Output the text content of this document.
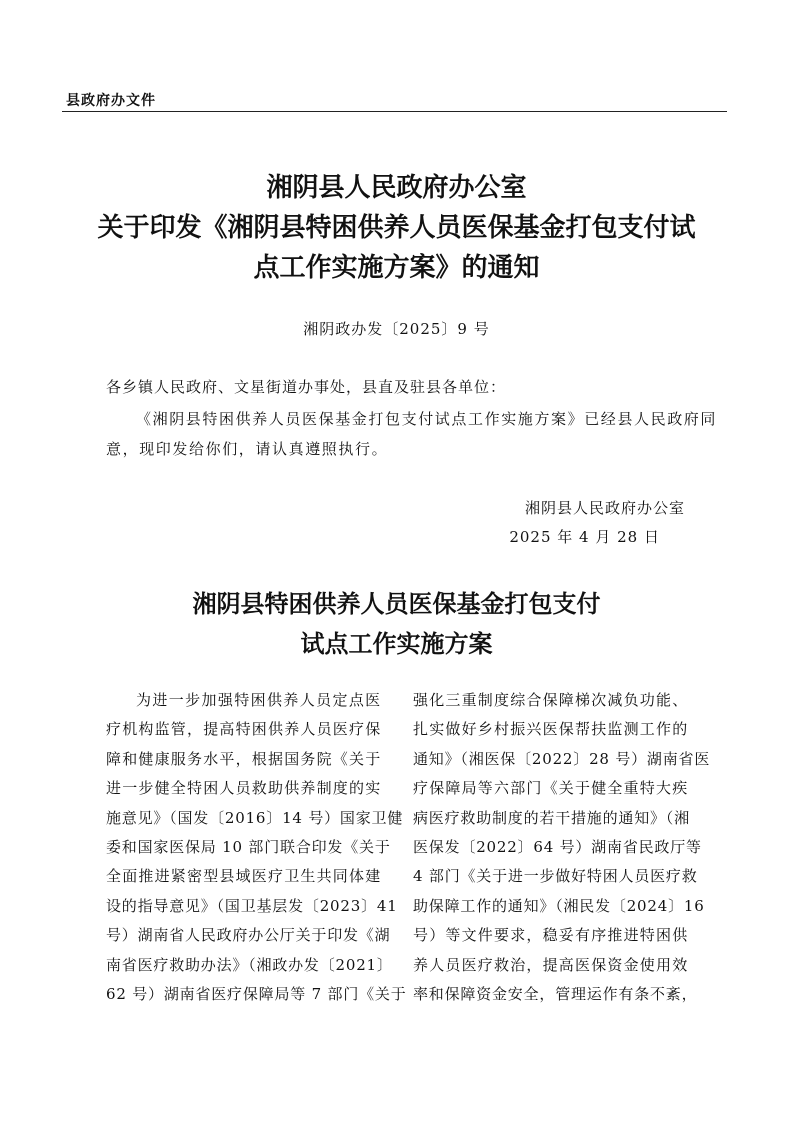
县政府办文件
湘阴县人民政府办公室
关于印发《湘阴县特困供养人员医保基金打包支付试
点工作实施方案》的通知
湘阴政办发〔2025〕9 号
各乡镇人民政府、文星街道办事处，县直及驻县各单位：
《湘阴县特困供养人员医保基金打包支付试点工作实施方案》已经县人民政府同意，现印发给你们，请认真遵照执行。
湘阴县人民政府办公室
2025 年 4 月 28 日
湘阴县特困供养人员医保基金打包支付
试点工作实施方案
为进一步加强特困供养人员定点医
疗机构监管，提高特困供养人员医疗保
障和健康服务水平，根据国务院《关于
进一步健全特困人员救助供养制度的实
施意见》（国发〔2016〕14 号）国家卫健
委和国家医保局 10 部门联合印发《关于
全面推进紧密型县域医疗卫生共同体建
设的指导意见》（国卫基层发〔2023〕41
号）湖南省人民政府办公厅关于印发《湖
南省医疗救助办法》（湘政办发〔2021〕
62 号）湖南省医疗保障局等 7 部门《关于
强化三重制度综合保障梯次减负功能、
扎实做好乡村振兴医保帮扶监测工作的
通知》（湘医保〔2022〕28 号）湖南省医
疗保障局等六部门《关于健全重特大疾
病医疗救助制度的若干措施的通知》（湘
医保发〔2022〕64 号）湖南省民政厅等
4 部门《关于进一步做好特困人员医疗救
助保障工作的通知》（湘民发〔2024〕16
号）等文件要求，稳妥有序推进特困供
养人员医疗救治，提高医保资金使用效
率和保障资金安全，管理运作有条不紊，
